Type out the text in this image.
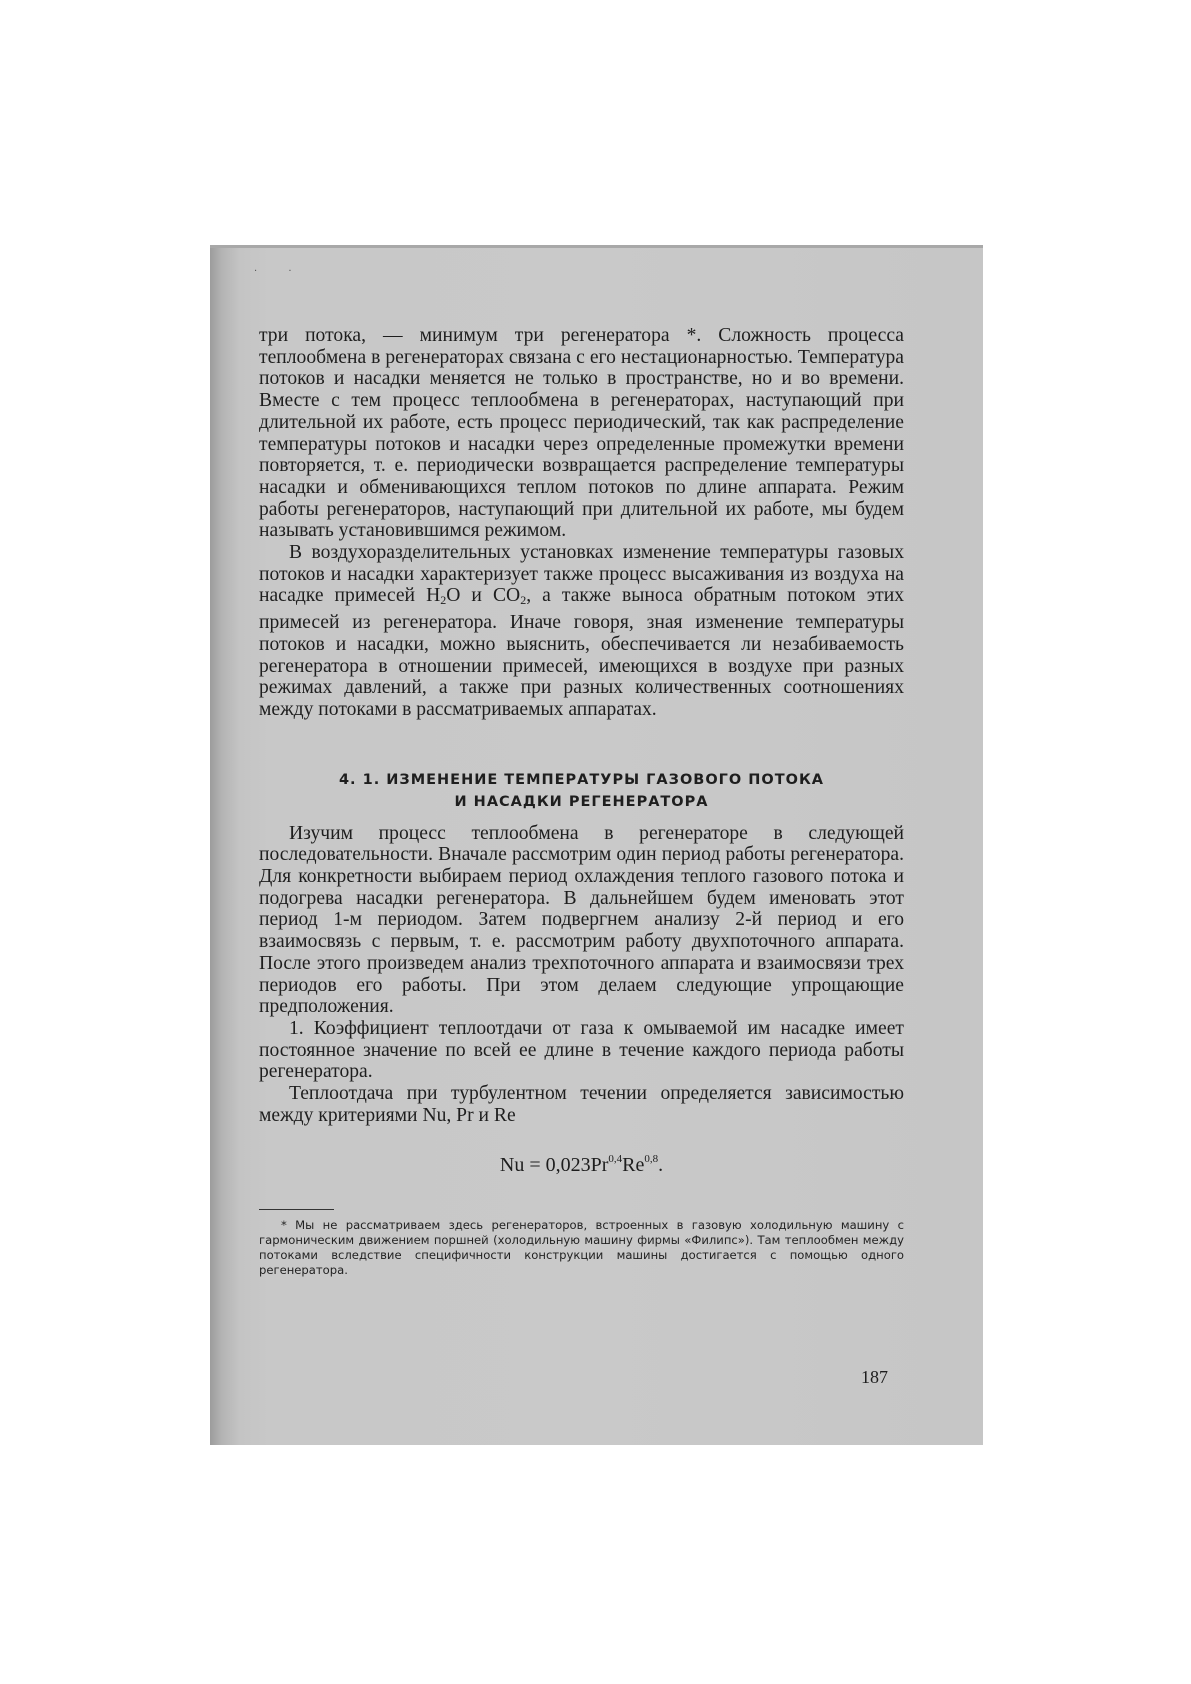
. .

три потока, — минимум три регенератора *. Сложность процесса теплообмена в регенераторах связана с его нестационарностью. Температура потоков и насадки меняется не только в пространстве, но и во времени. Вместе с тем процесс теплообмена в регенераторах, наступающий при длительной их работе, есть процесс периодический, так как распределение температуры потоков и насадки через определенные промежутки времени повторяется, т. е. периодически возвращается распределение температуры насадки и обменивающихся теплом потоков по длине аппарата. Режим работы регенераторов, наступающий при длительной их работе, мы будем называть установившимся режимом.

В воздухоразделительных установках изменение температуры газовых потоков и насадки характеризует также процесс высаживания из воздуха на насадке примесей $H_2O$ и $CO_2$, а также выноса обратным потоком этих примесей из регенератора. Иначе говоря, зная изменение температуры потоков и насадки, можно выяснить, обеспечивается ли незабиваемость регенератора в отношении примесей, имеющихся в воздухе при разных режимах давлений, а также при разных количественных соотношениях между потоками в рассматриваемых аппаратах.

4. 1. ИЗМЕНЕНИЕ ТЕМПЕРАТУРЫ ГАЗОВОГО ПОТОКА
И НАСАДКИ РЕГЕНЕРАТОРА

Изучим процесс теплообмена в регенераторе в следующей последовательности. Вначале рассмотрим один период работы регенератора. Для конкретности выбираем период охлаждения теплого газового потока и подогрева насадки регенератора. В дальнейшем будем именовать этот период 1-м периодом. Затем подвергнем анализу 2-й период и его взаимосвязь с первым, т. е. рассмотрим работу двухпоточного аппарата. После этого произведем анализ трехпоточного аппарата и взаимосвязи трех периодов его работы. При этом делаем следующие упрощающие предположения.

1. Коэффициент теплоотдачи от газа к омываемой им насадке имеет постоянное значение по всей ее длине в течение каждого периода работы регенератора.

Теплоотдача при турбулентном течении определяется зависимостью между критериями Nu, Pr и Re

Nu = 0,023Pr$^{0,4}$Re$^{0,8}$.

* Мы не рассматриваем здесь регенераторов, встроенных в газовую холодильную машину с гармоническим движением поршней (холодильную машину фирмы «Филипс»). Там теплообмен между потоками вследствие специфичности конструкции машины достигается с помощью одного регенератора.

187
